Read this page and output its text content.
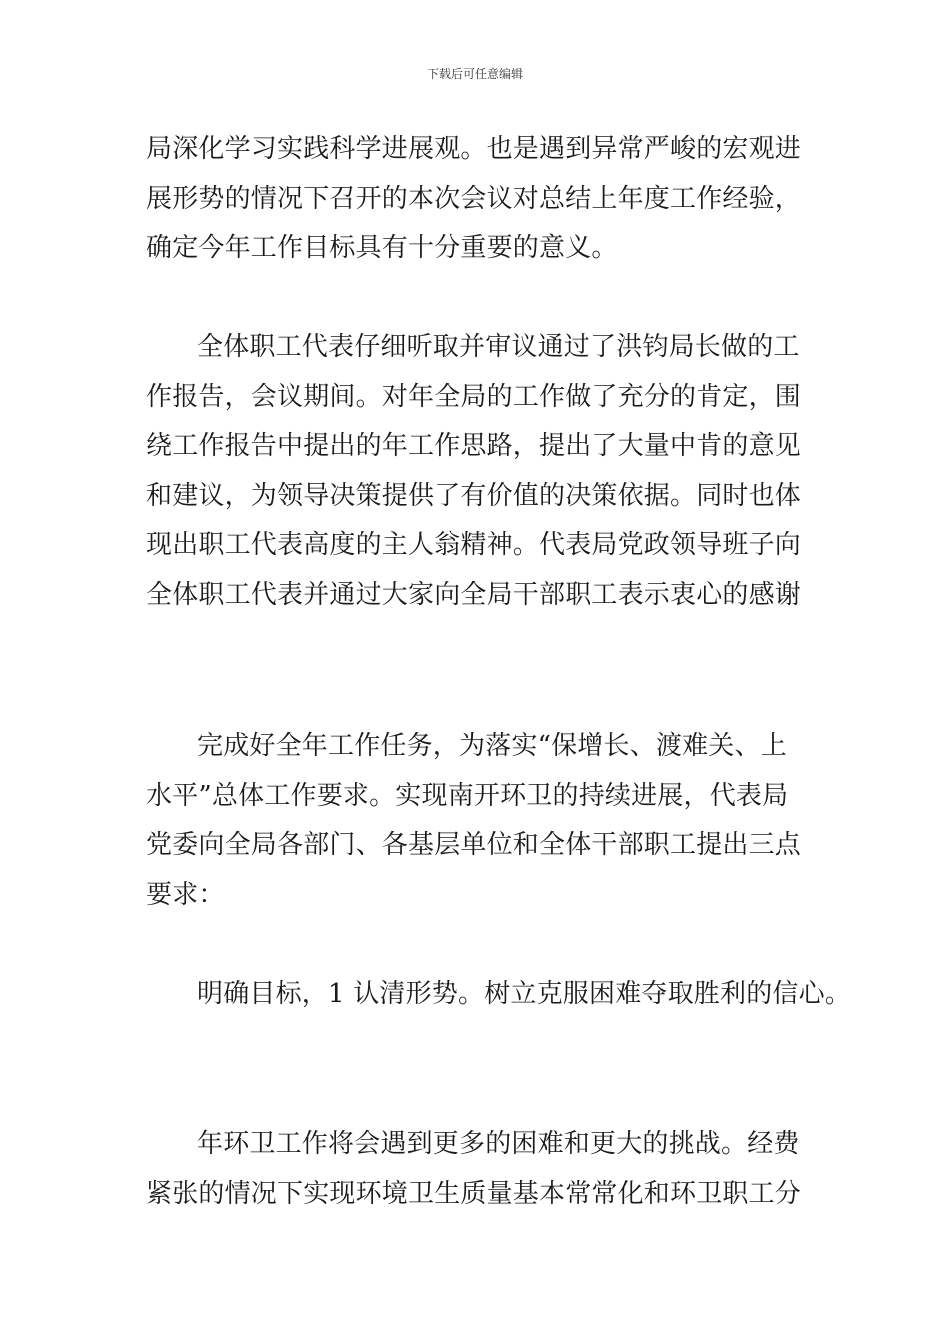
下载后可任意编辑
局深化学习实践科学进展观。也是遇到异常严峻的宏观进
展形势的情况下召开的本次会议对总结上年度工作经验，
确定今年工作目标具有十分重要的意义。
全体职工代表仔细听取并审议通过了洪钧局长做的工
作报告，会议期间。对年全局的工作做了充分的肯定，围
绕工作报告中提出的年工作思路，提出了大量中肯的意见
和建议，为领导决策提供了有价值的决策依据。同时也体
现出职工代表高度的主人翁精神。代表局党政领导班子向
全体职工代表并通过大家向全局干部职工表示衷心的感谢
完成好全年工作任务，为落实“保增长、渡难关、上
水平”总体工作要求。实现南开环卫的持续进展，代表局
党委向全局各部门、各基层单位和全体干部职工提出三点
要求：
明确目标，1 认清形势。树立克服困难夺取胜利的信心。
年环卫工作将会遇到更多的困难和更大的挑战。经费
紧张的情况下实现环境卫生质量基本常常化和环卫职工分
